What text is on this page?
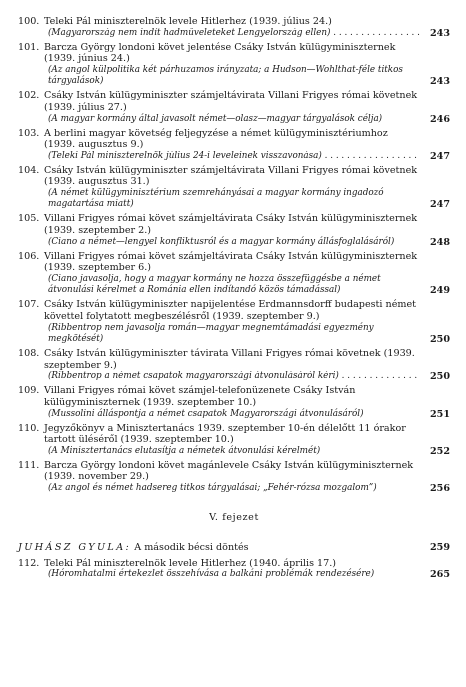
100. Teleki Pál miniszterelnök levele Hitlerhez (1939. július 24.)
(Magyarország nem indít hadműveleteket Lengyelország ellen) . . .	243
101. Barcza György londoni követ jelentése Csáky István külügyminiszternek (1939. június 24.)
(Az angol külpolitika két párhuzamos irányzata; a Hudson—Wohlthat-féle titkos tárgyalások)	243
102. Csáky István külügyminiszter számjeltávirata Villani Frigyes római követnek (1939. július 27.)
(A magyar kormány által javasolt német—olasz—magyar tárgyalások célja)	246
103. A berlini magyar követség feljegyzése a német külügyminisztériumhoz (1939. augusztus 9.)
(Teleki Pál miniszterelnök július 24-i leveleinek visszavonása) . . .	247
104. Csáky István külügyminiszter számjeltávirata Villani Frigyes római követnek (1939. augusztus 31.)
(A német külügyminisztérium szemrehányásai a magyar kormány ingadozó magatartása miatt)	247
105. Villani Frigyes római követ számjeltávirata Csáky István külügyminiszternek (1939. szeptember 2.)
(Ciano a német—lengyel konfliktusról és a magyar kormány állásfoglalásáról)	248
106. Villani Frigyes római követ számjeltávirata Csáky István külügyminiszternek (1939. szeptember 6.)
(Ciano javasolja, hogy a magyar kormány ne hozza összefüggésbe a német átvonulási kérelmet a Románia ellen indítandó közös támadással)	249
107. Csáky István külügyminiszter napijelentése Erdmannsdorff budapesti német követtel folytatott megbeszélésről (1939. szeptember 9.)
(Ribbentrop nem javasolja román—magyar megnemtámadási egyezmény megkötését)	250
108. Csáky István külügyminiszter távirata Villani Frigyes római követnek (1939. szeptember 9.)
(Ribbentrop a német csapatok magyarországi átvonulásáról kéri) . . .	250
109. Villani Frigyes római követ számjel-telefonüzenete Csáky István külügyminiszternek (1939. szeptember 10.)
(Mussolini álláspontja a német csapatok Magyarországi átvonulásáról)	251
110. Jegyzőkönyv a Minisztertanács 1939. szeptember 10-én délelőtt 11 órakor tartott üléséről (1939. szeptember 10.)
(A Minisztertanács elutasítja a németek átvonulási kérelmét)	252
111. Barcza György londoni követ magánlevele Csáky István külügyminiszternek (1939. november 29.)
(Az angol és német hadsereg titkos tárgyalásai; „Fehér-rózsa mozgalom”)	256
V. fejezet
JUHÁSZ GYULA: A második bécsi döntés	259
112. Teleki Pál miniszterelnök levele Hitlerhez (1940. április 17.)
(Hóromhatalmi értekezlet összehívása a balkáni problémák rendezésére)	265
